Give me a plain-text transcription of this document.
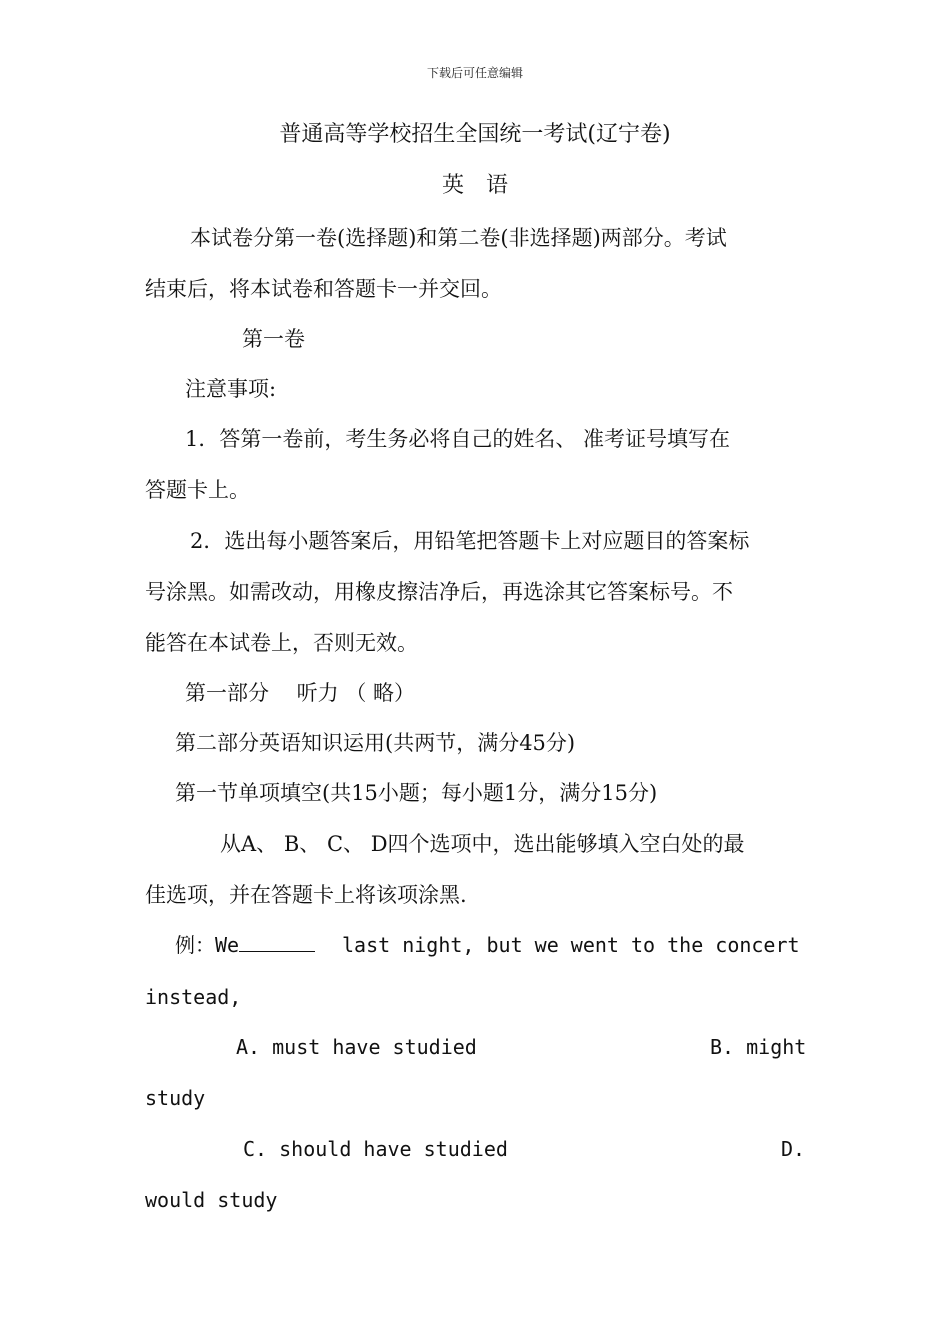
下载后可任意编辑
普通高等学校招生全国统一考试(辽宁卷)
英　语
本试卷分第一卷(选择题)和第二卷(非选择题)两部分。考试
结束后，将本试卷和答题卡一并交回。
第一卷
注意事项:
1．答第一卷前，考生务必将自己的姓名、 准考证号填写在
答题卡上。
2．选出每小题答案后，用铅笔把答题卡上对应题目的答案标
号涂黑。如需改动，用橡皮擦洁净后，再选涂其它答案标号。不
能答在本试卷上，否则无效。
第一部分　 听力 （ 略）
第二部分英语知识运用(共两节，满分45分)
第一节单项填空(共15小题；每小题1分，满分15分)
从A、 B、 C、 D四个选项中，选出能够填入空白处的最
佳选项，并在答题卡上将该项涂黑.
例：We	last night, but we went to the concert
instead,
A. must have studied	B. might
study
C. should have studied	D.
would study
